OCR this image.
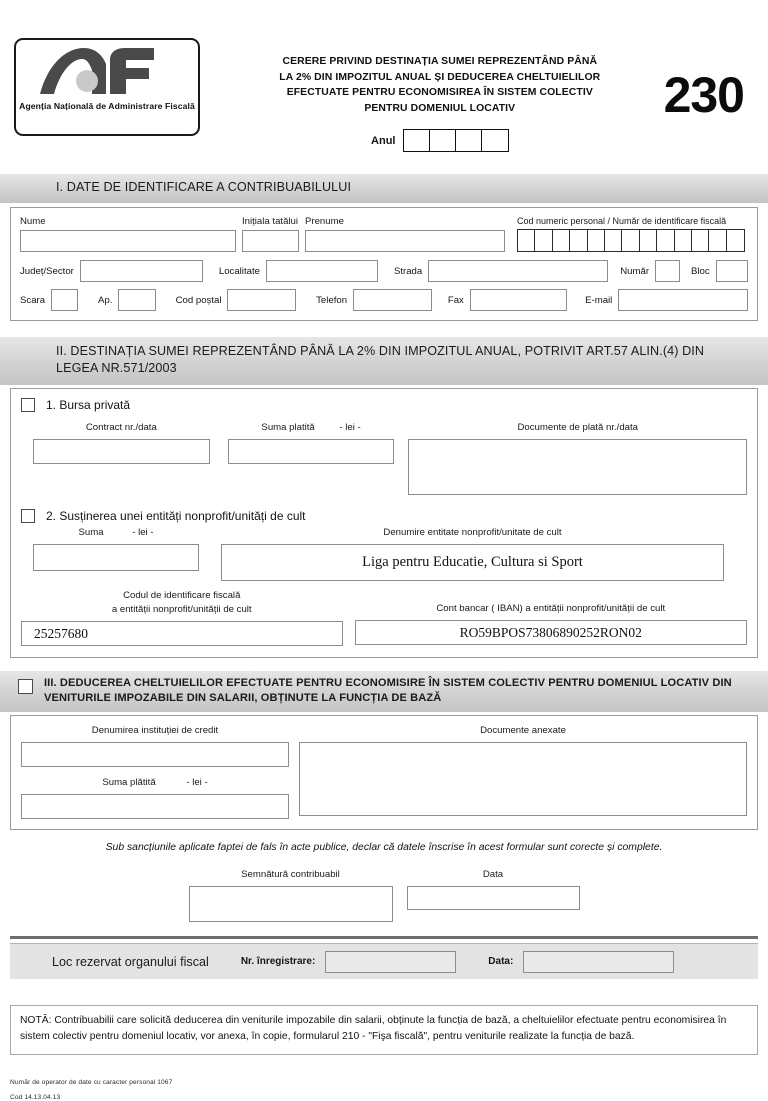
Agenția Națională de Administrare Fiscală
CERERE PRIVIND DESTINAȚIA SUMEI REPREZENTÂND PÂNĂ LA 2% DIN IMPOZITUL ANUAL ȘI DEDUCEREA CHELTUIELILOR EFECTUATE PENTRU ECONOMISIREA ÎN SISTEM COLECTIV PENTRU DOMENIUL LOCATIV
Anul
230
I. DATE DE IDENTIFICARE A CONTRIBUABILULUI
Nume	Inițiala tatălui Prenume	Cod numeric personal / Număr de identificare fiscală
Județ/Sector	Localitate	Strada	Număr	Bloc
Scara	Ap.	Cod poștal	Telefon	Fax	E-mail
II. DESTINAȚIA SUMEI REPREZENTÂND PÂNĂ LA 2% DIN IMPOZITUL ANUAL, POTRIVIT ART.57 ALIN.(4) DIN LEGEA NR.571/2003
1. Bursa privată
Contract nr./data	Suma platită	- lei -	Documente de plată nr./data
2. Susținerea unei entități nonprofit/unități de cult
Suma	- lei -	Denumire entitate nonprofit/unitate de cult
Liga pentru Educatie, Cultura si Sport
Codul de identificare fiscală
a entității nonprofit/unității de cult
25257680
Cont bancar ( IBAN) a entității nonprofit/unității de cult
RO59BPOS73806890252RON02
III. DEDUCEREA CHELTUIELILOR EFECTUATE PENTRU ECONOMISIRE ÎN SISTEM COLECTIV PENTRU DOMENIUL LOCATIV DIN VENITURILE IMPOZABILE DIN SALARII, OBȚINUTE LA FUNCȚIA DE BAZĂ
Denumirea instituției de credit
Suma plătită	- lei -
Documente anexate
Sub sancțiunile aplicate faptei de fals în acte publice, declar că datele înscrise în acest formular sunt corecte și complete.
Semnătură contribuabil	Data
Loc rezervat organului fiscal	Nr. înregistrare:	Data:
NOTĂ: Contribuabilii care solicită deducerea din veniturile impozabile din salarii, obținute la funcția de bază, a cheltuielilor efectuate pentru economisirea în sistem colectiv pentru domeniul locativ, vor anexa, în copie, formularul 210 - "Fişa fiscală", pentru veniturile realizate la funcția de bază.
Număr de operator de date cu caracter personal 1067
Cod 14.13.04.13
